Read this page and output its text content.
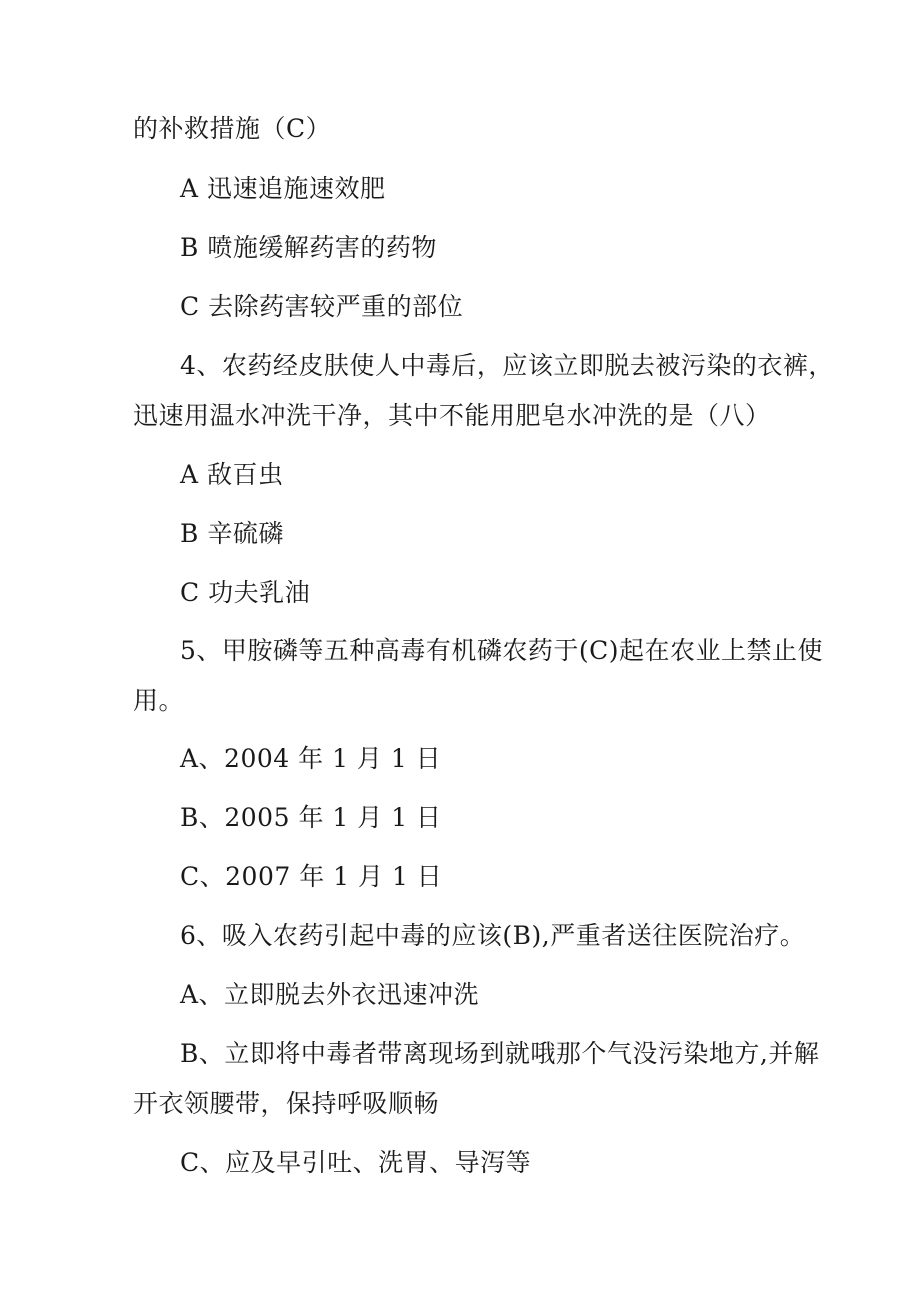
的补救措施（C）
A 迅速追施速效肥
B 喷施缓解药害的药物
C 去除药害较严重的部位
4、农药经皮肤使人中毒后，应该立即脱去被污染的衣裤，
迅速用温水冲洗干净，其中不能用肥皂水冲洗的是（八）
A 敌百虫
B 辛硫磷
C 功夫乳油
5、甲胺磷等五种高毒有机磷农药于(C)起在农业上禁止使
用。
A、2004 年 1 月 1 日
B、2005 年 1 月 1 日
C、2007 年 1 月 1 日
6、吸入农药引起中毒的应该(B),严重者送往医院治疗。
A、立即脱去外衣迅速冲洗
B、立即将中毒者带离现场到就哦那个气没污染地方,并解
开衣领腰带，保持呼吸顺畅
C、应及早引吐、洗胃、导泻等
